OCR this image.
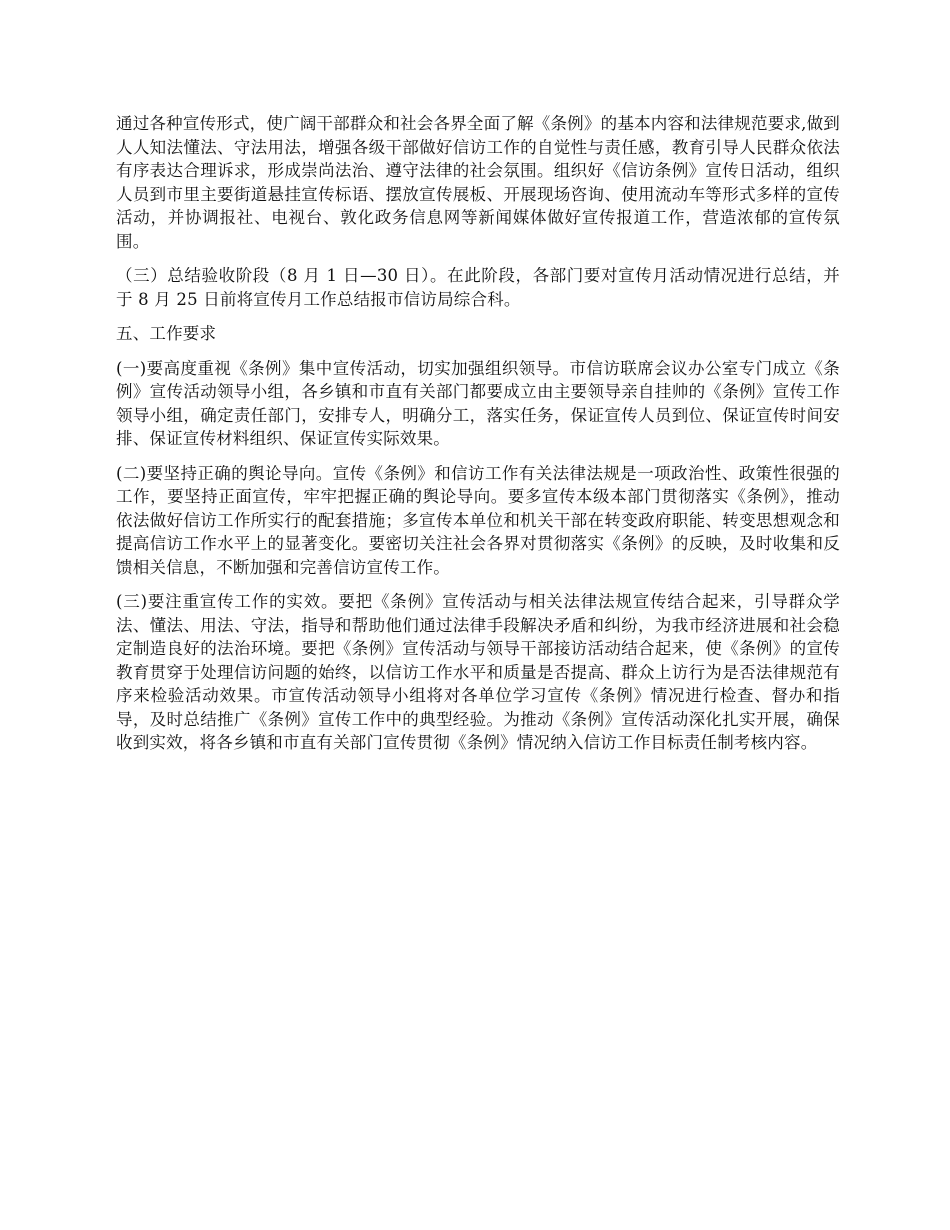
通过各种宣传形式，使广阔干部群众和社会各界全面了解《条例》的基本内容和法律规范要求,做到人人知法懂法、守法用法，增强各级干部做好信访工作的自觉性与责任感，教育引导人民群众依法有序表达合理诉求，形成崇尚法治、遵守法律的社会氛围。组织好《信访条例》宣传日活动，组织人员到市里主要街道悬挂宣传标语、摆放宣传展板、开展现场咨询、使用流动车等形式多样的宣传活动，并协调报社、电视台、敦化政务信息网等新闻媒体做好宣传报道工作，营造浓郁的宣传氛围。

（三）总结验收阶段（8 月 1 日—30 日）。在此阶段，各部门要对宣传月活动情况进行总结，并于 8 月 25 日前将宣传月工作总结报市信访局综合科。

五、工作要求

(一)要高度重视《条例》集中宣传活动，切实加强组织领导。市信访联席会议办公室专门成立《条例》宣传活动领导小组，各乡镇和市直有关部门都要成立由主要领导亲自挂帅的《条例》宣传工作领导小组，确定责任部门，安排专人，明确分工，落实任务，保证宣传人员到位、保证宣传时间安排、保证宣传材料组织、保证宣传实际效果。

(二)要坚持正确的舆论导向。宣传《条例》和信访工作有关法律法规是一项政治性、政策性很强的工作，要坚持正面宣传，牢牢把握正确的舆论导向。要多宣传本级本部门贯彻落实《条例》，推动依法做好信访工作所实行的配套措施；多宣传本单位和机关干部在转变政府职能、转变思想观念和提高信访工作水平上的显著变化。要密切关注社会各界对贯彻落实《条例》的反映，及时收集和反馈相关信息，不断加强和完善信访宣传工作。

(三)要注重宣传工作的实效。要把《条例》宣传活动与相关法律法规宣传结合起来，引导群众学法、懂法、用法、守法，指导和帮助他们通过法律手段解决矛盾和纠纷，为我市经济进展和社会稳定制造良好的法治环境。要把《条例》宣传活动与领导干部接访活动结合起来，使《条例》的宣传教育贯穿于处理信访问题的始终，以信访工作水平和质量是否提高、群众上访行为是否法律规范有序来检验活动效果。市宣传活动领导小组将对各单位学习宣传《条例》情况进行检查、督办和指导，及时总结推广《条例》宣传工作中的典型经验。为推动《条例》宣传活动深化扎实开展，确保收到实效，将各乡镇和市直有关部门宣传贯彻《条例》情况纳入信访工作目标责任制考核内容。
